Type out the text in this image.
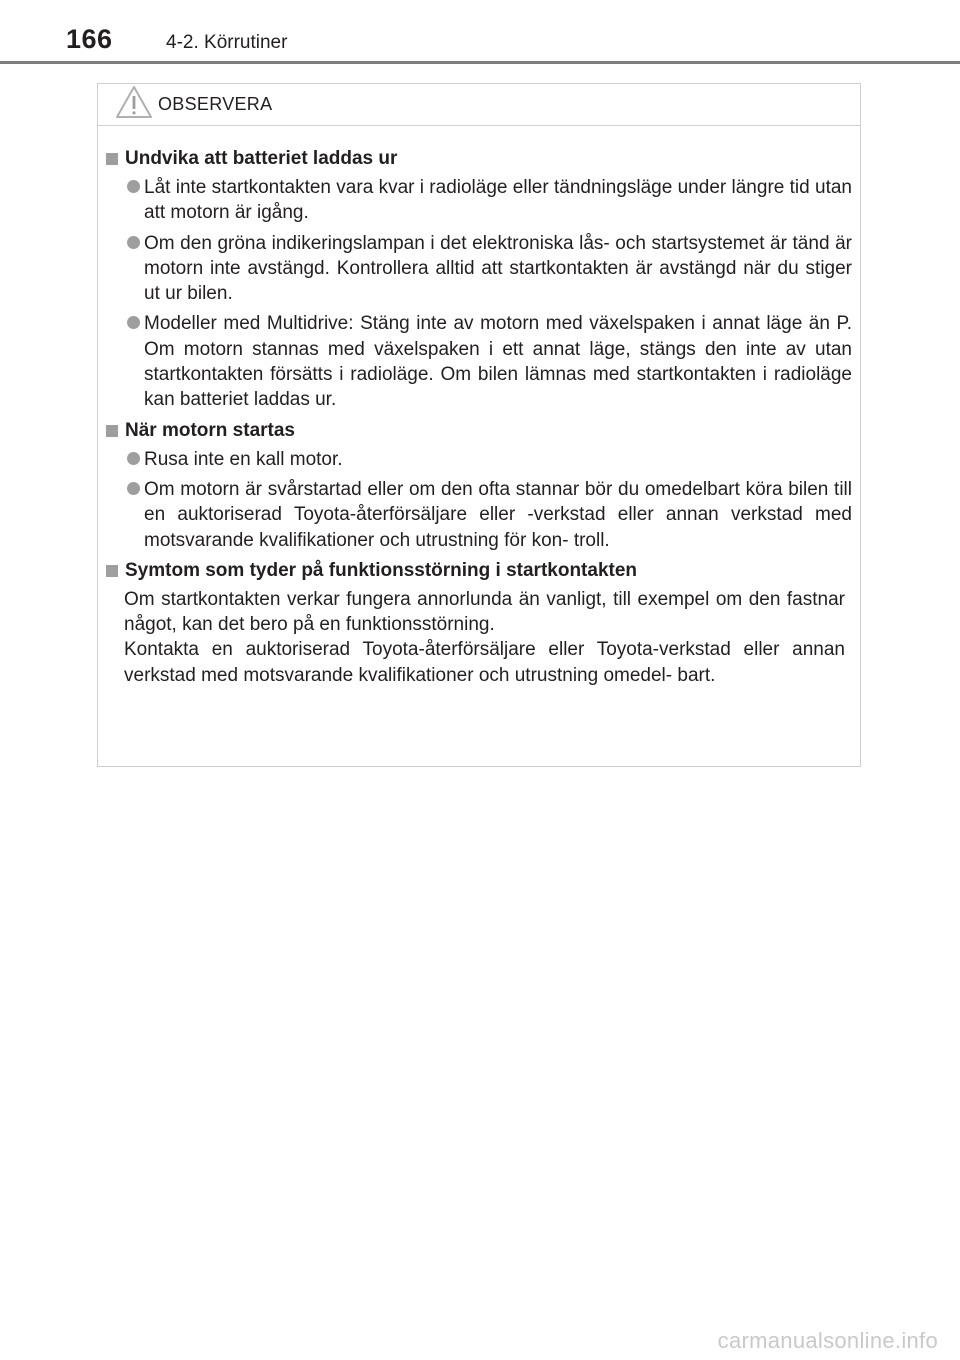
166	4-2. Körrutiner
OBSERVERA
Undvika att batteriet laddas ur
Låt inte startkontakten vara kvar i radioläge eller tändningsläge under längre tid utan att motorn är igång.
Om den gröna indikeringslampan i det elektroniska lås- och startsystemet är tänd är motorn inte avstängd. Kontrollera alltid att startkontakten är avstängd när du stiger ut ur bilen.
Modeller med Multidrive: Stäng inte av motorn med växelspaken i annat läge än P. Om motorn stannas med växelspaken i ett annat läge, stängs den inte av utan startkontakten försätts i radioläge. Om bilen lämnas med startkontakten i radioläge kan batteriet laddas ur.
När motorn startas
Rusa inte en kall motor.
Om motorn är svårstartad eller om den ofta stannar bör du omedelbart köra bilen till en auktoriserad Toyota-återförsäljare eller -verkstad eller annan verkstad med motsvarande kvalifikationer och utrustning för kon- troll.
Symtom som tyder på funktionsstörning i startkontakten
Om startkontakten verkar fungera annorlunda än vanligt, till exempel om den fastnar något, kan det bero på en funktionsstörning.
Kontakta en auktoriserad Toyota-återförsäljare eller Toyota-verkstad eller annan verkstad med motsvarande kvalifikationer och utrustning omedel- bart.
carmanualsonline.info
